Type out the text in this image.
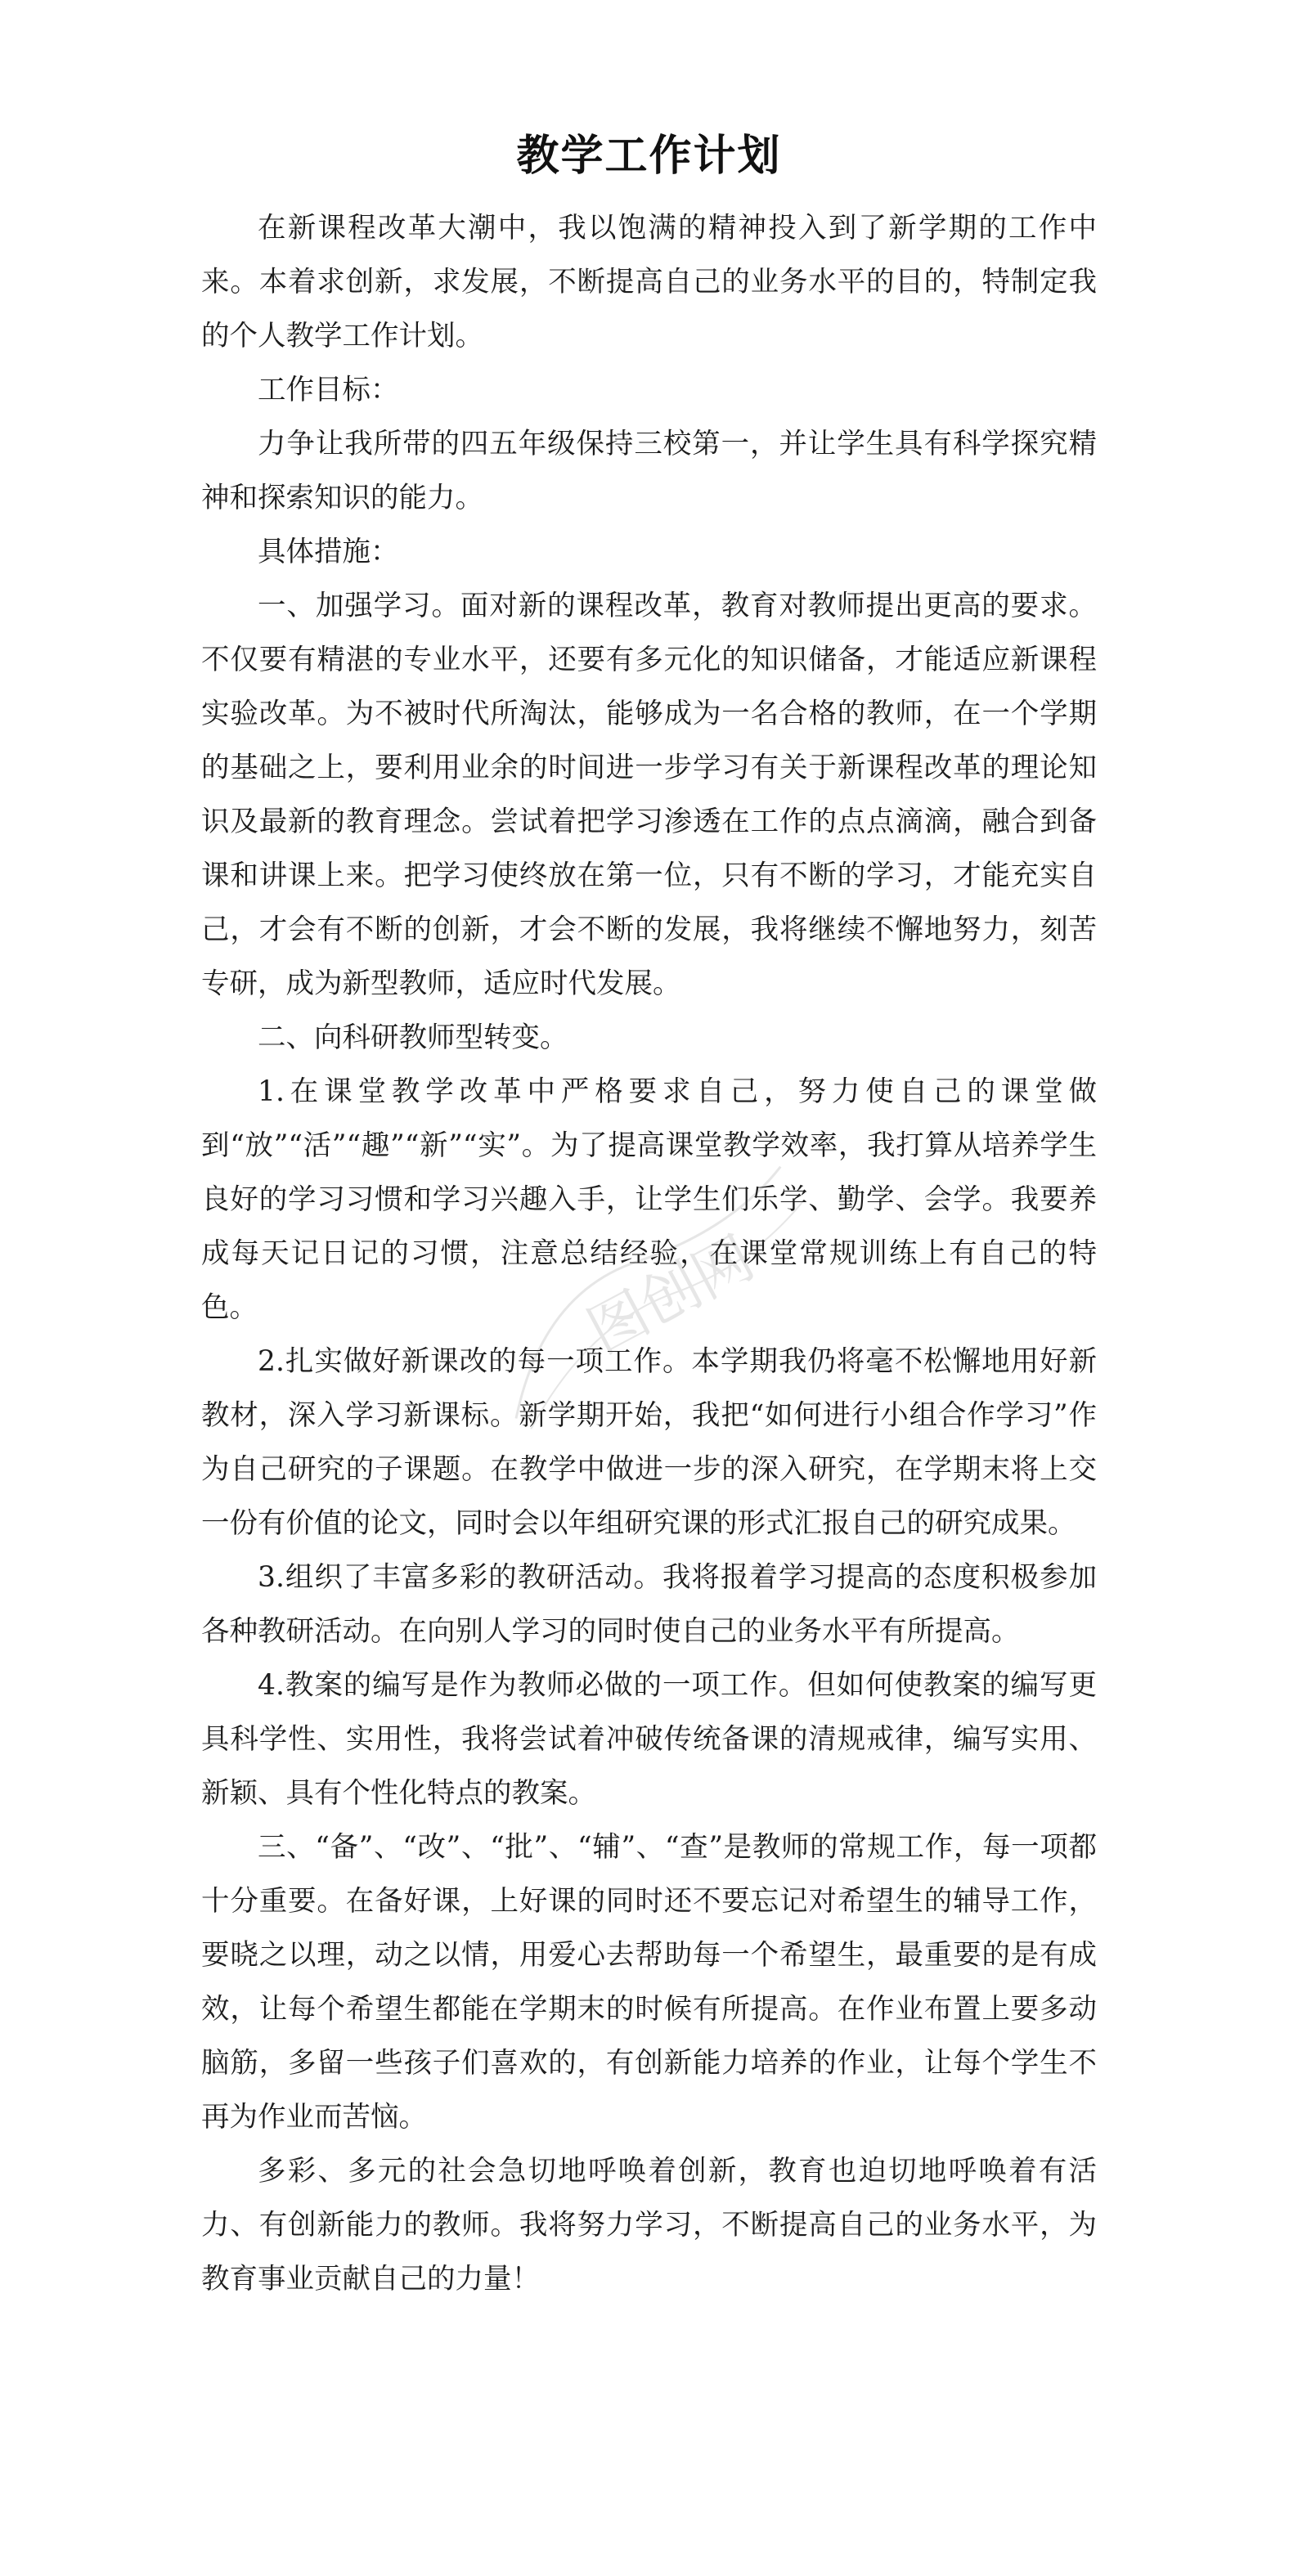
教学工作计划

在新课程改革大潮中，我以饱满的精神投入到了新学期的工作中来。本着求创新，求发展，不断提高自己的业务水平的目的，特制定我的个人教学工作计划。

工作目标：

力争让我所带的四五年级保持三校第一，并让学生具有科学探究精神和探索知识的能力。

具体措施：

一、加强学习。面对新的课程改革，教育对教师提出更高的要求。不仅要有精湛的专业水平，还要有多元化的知识储备，才能适应新课程实验改革。为不被时代所淘汰，能够成为一名合格的教师，在一个学期的基础之上，要利用业余的时间进一步学习有关于新课程改革的理论知识及最新的教育理念。尝试着把学习渗透在工作的点点滴滴，融合到备课和讲课上来。把学习使终放在第一位，只有不断的学习，才能充实自己，才会有不断的创新，才会不断的发展，我将继续不懈地努力，刻苦专研，成为新型教师，适应时代发展。

二、向科研教师型转变。

1.在课堂教学改革中严格要求自己，努力使自己的课堂做到“放”“活”“趣”“新”“实”。为了提高课堂教学效率，我打算从培养学生良好的学习习惯和学习兴趣入手，让学生们乐学、勤学、会学。我要养成每天记日记的习惯，注意总结经验，在课堂常规训练上有自己的特色。

2.扎实做好新课改的每一项工作。本学期我仍将毫不松懈地用好新教材，深入学习新课标。新学期开始，我把“如何进行小组合作学习”作为自己研究的子课题。在教学中做进一步的深入研究，在学期末将上交一份有价值的论文，同时会以年组研究课的形式汇报自己的研究成果。

3.组织了丰富多彩的教研活动。我将报着学习提高的态度积极参加各种教研活动。在向别人学习的同时使自己的业务水平有所提高。

4.教案的编写是作为教师必做的一项工作。但如何使教案的编写更具科学性、实用性，我将尝试着冲破传统备课的清规戒律，编写实用、新颖、具有个性化特点的教案。

三、“备”、“改”、“批”、“辅”、“查”是教师的常规工作，每一项都十分重要。在备好课，上好课的同时还不要忘记对希望生的辅导工作，要晓之以理，动之以情，用爱心去帮助每一个希望生，最重要的是有成效，让每个希望生都能在学期末的时候有所提高。在作业布置上要多动脑筋，多留一些孩子们喜欢的，有创新能力培养的作业，让每个学生不再为作业而苦恼。

多彩、多元的社会急切地呼唤着创新，教育也迫切地呼唤着有活力、有创新能力的教师。我将努力学习，不断提高自己的业务水平，为教育事业贡献自己的力量！

图创网
